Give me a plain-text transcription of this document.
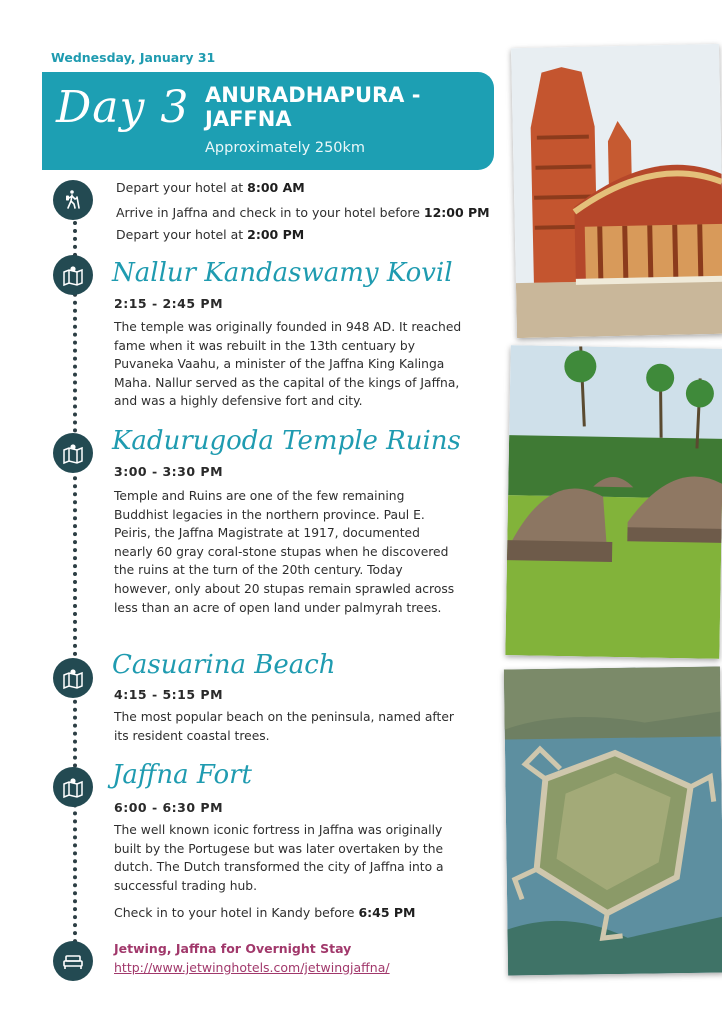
Wednesday, January 31
Day 3 ANURADHAPURA - JAFFNA
Approximately 250km
Depart your hotel at 8:00 AM
Arrive in Jaffna and check in to your hotel before 12:00 PM
Depart your hotel at 2:00 PM
Nallur Kandaswamy Kovil
2:15 - 2:45 PM
The temple was originally founded in 948 AD. It reached
fame when it was rebuilt in the 13th centuary by
Puvaneka Vaahu, a minister of the Jaffna King Kalinga
Maha. Nallur served as the capital of the kings of Jaffna,
and was a highly defensive fort and city.
Kadurugoda Temple Ruins
3:00 - 3:30 PM
Temple and Ruins are one of the few remaining
Buddhist legacies in the northern province. Paul E.
Peiris, the Jaffna Magistrate at 1917, documented
nearly 60 gray coral-stone stupas when he discovered
the ruins at the turn of the 20th century. Today
however, only about 20 stupas remain sprawled across
less than an acre of open land under palmyrah trees.
Casuarina Beach
4:15 - 5:15 PM
The most popular beach on the peninsula, named after
its resident coastal trees.
Jaffna Fort
6:00 - 6:30 PM
The well known iconic fortress in Jaffna was originally
built by the Portugese but was later overtaken by the
dutch. The Dutch transformed the city of Jaffna into a
successful trading hub.
Check in to your hotel in Kandy before 6:45 PM
Jetwing, Jaffna for Overnight Stay
http://www.jetwinghotels.com/jetwingjaffna/
